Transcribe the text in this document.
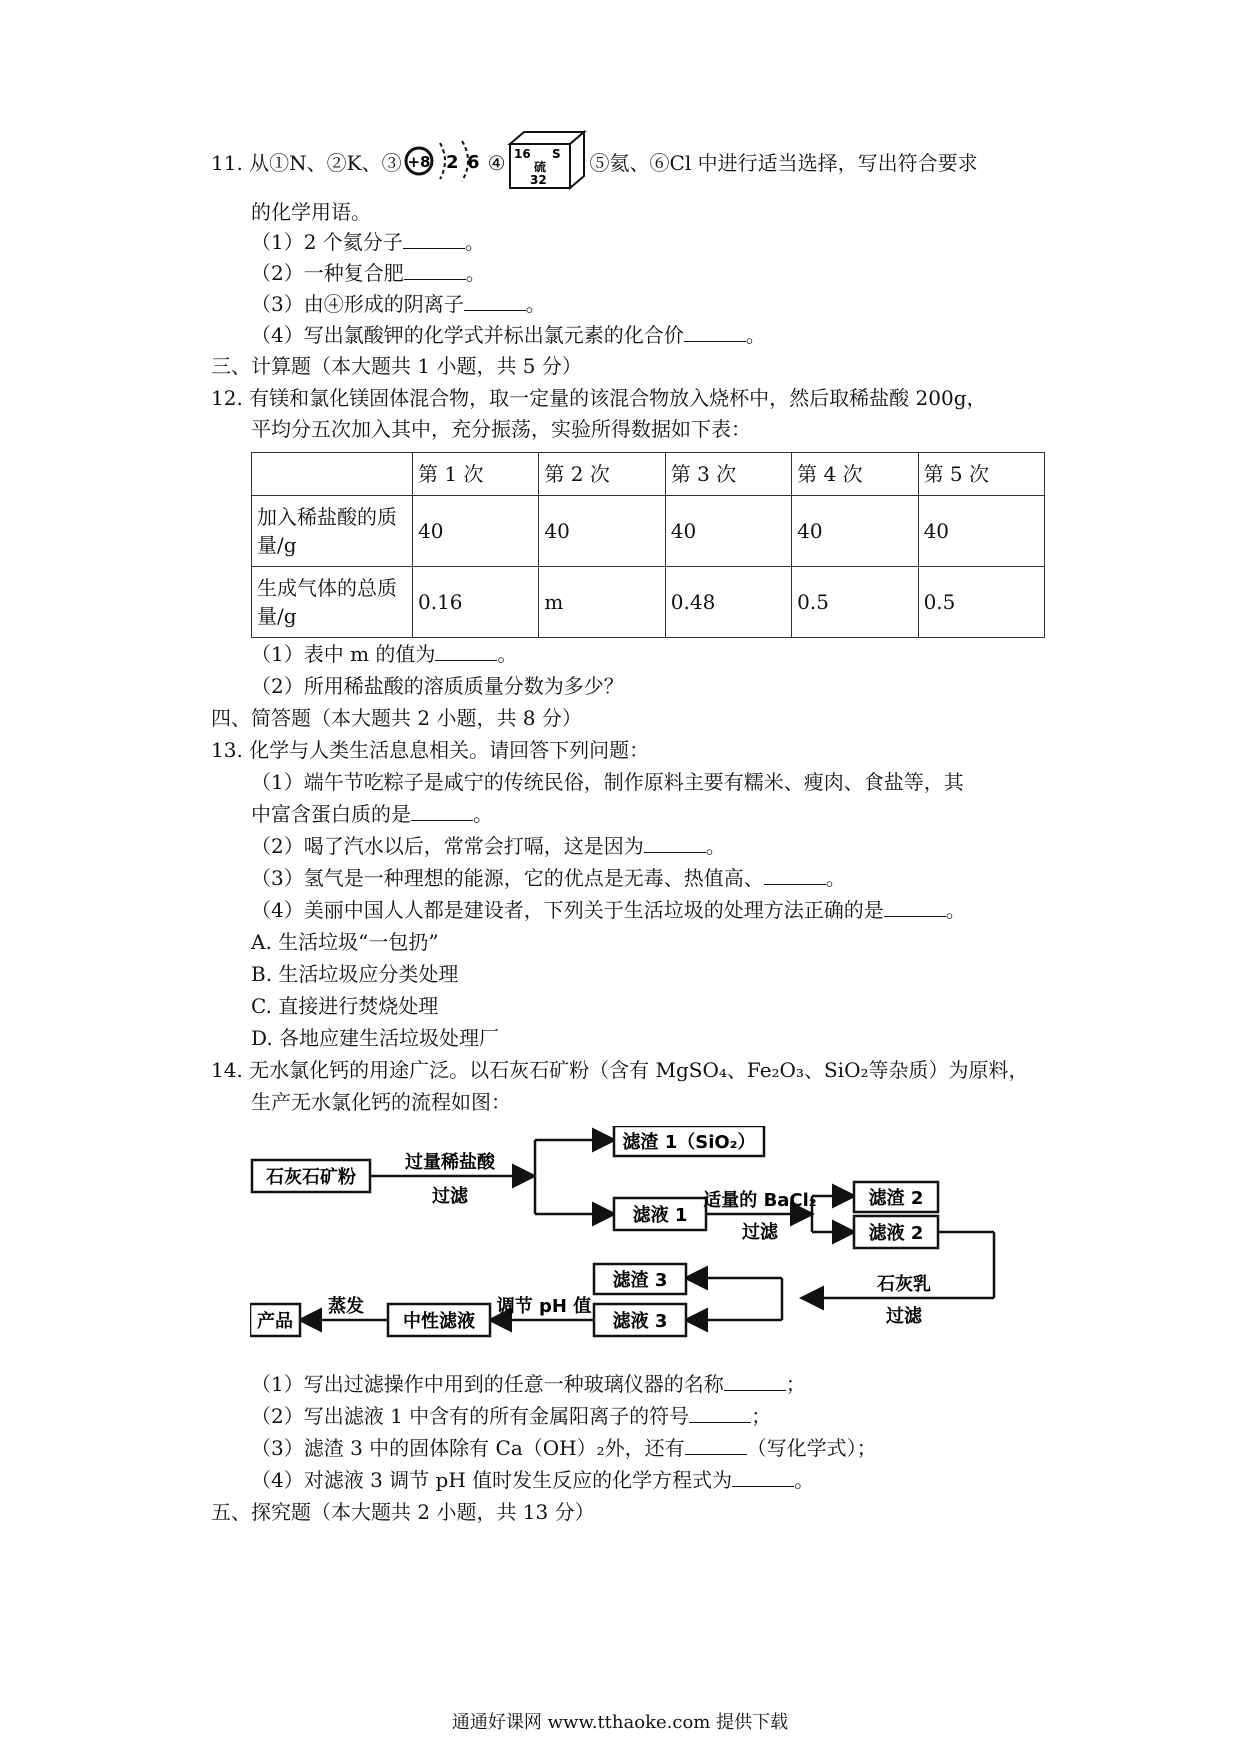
11. 从①N、②K、③ +8 2 6 ④ 16 S
硫
32
⑤氦、⑥Cl 中进行适当选择，写出符合要求
的化学用语。
（1）2 个氦分子	。
（2）一种复合肥	。
（3）由④形成的阴离子	。
（4）写出氯酸钾的化学式并标出氯元素的化合价	。
三、计算题（本大题共 1 小题，共 5 分）
12. 有镁和氯化镁固体混合物，取一定量的该混合物放入烧杯中，然后取稀盐酸 200g，
平均分五次加入其中，充分振荡，实验所得数据如下表：
	第 1 次	第 2 次	第 3 次	第 4 次	第 5 次
加入稀盐酸的质量/g	40	40	40	40	40
生成气体的总质量/g	0.16	m	0.48	0.5	0.5
（1）表中 m 的值为	。
（2）所用稀盐酸的溶质质量分数为多少？
四、简答题（本大题共 2 小题，共 8 分）
13. 化学与人类生活息息相关。请回答下列问题：
（1）端午节吃粽子是咸宁的传统民俗，制作原料主要有糯米、瘦肉、食盐等，其
中富含蛋白质的是	。
（2）喝了汽水以后，常常会打嗝，这是因为	。
（3）氢气是一种理想的能源，它的优点是无毒、热值高、	。
（4）美丽中国人人都是建设者，下列关于生活垃圾的处理方法正确的是	。
A. 生活垃圾“一包扔”
B. 生活垃圾应分类处理
C. 直接进行焚烧处理
D. 各地应建生活垃圾处理厂
14. 无水氯化钙的用途广泛。以石灰石矿粉（含有 MgSO₄、Fe₂O₃、SiO₂等杂质）为原料，
生产无水氯化钙的流程如图：
石灰石矿粉
过量稀盐酸
过滤
滤渣 1（SiO₂）
滤液 1
适量的 BaCl₂
过滤
滤渣 2
滤液 2
石灰乳
过滤
滤渣 3
滤液 3
调节 pH 值
中性滤液
蒸发
产品
（1）写出过滤操作中用到的任意一种玻璃仪器的名称	；
（2）写出滤液 1 中含有的所有金属阳离子的符号	；
（3）滤渣 3 中的固体除有 Ca（OH）₂外，还有	（写化学式）；
（4）对滤液 3 调节 pH 值时发生反应的化学方程式为	。
五、探究题（本大题共 2 小题，共 13 分）
通通好课网 www.tthaoke.com 提供下载
